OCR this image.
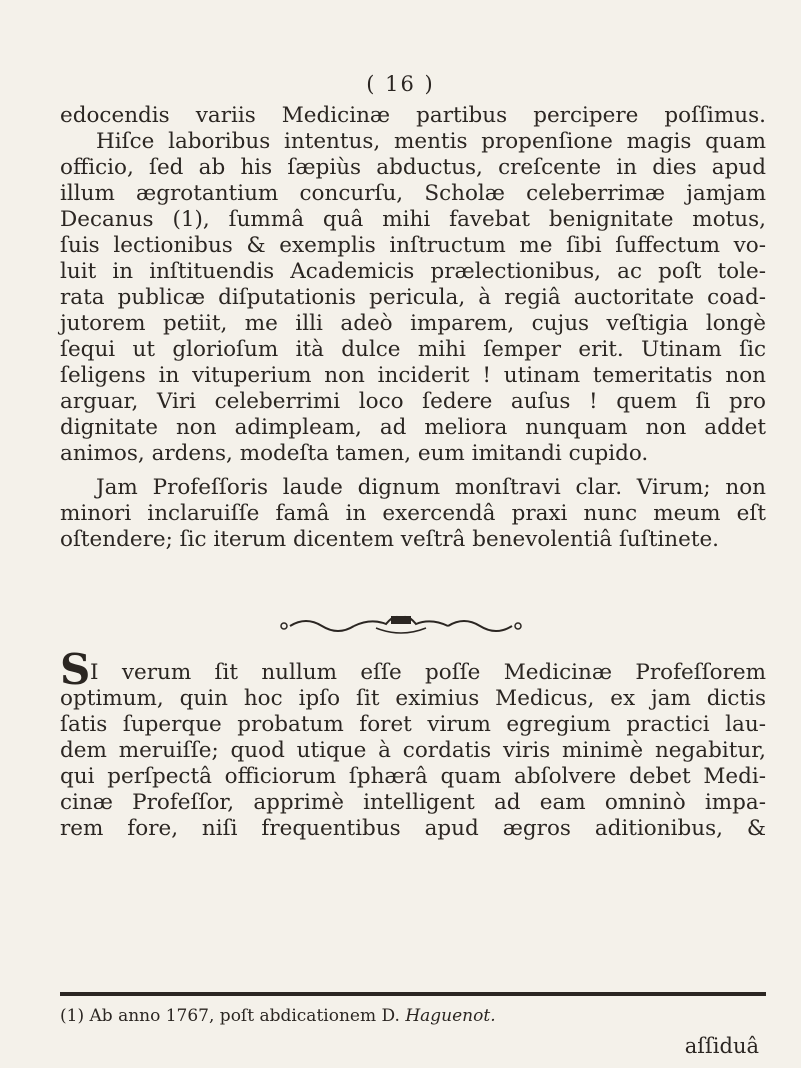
( 16 )
edocendis variis Medicinæ partibus percipere poſſimus.
Hiſce laboribus intentus, mentis propenſione magis quam
officio, ſed ab his ſæpiùs abductus, creſcente in dies apud
illum ægrotantium concurſu, Scholæ celeberrimæ jamjam
Decanus (1), ſummâ quâ mihi favebat benignitate motus,
ſuis lectionibus & exemplis inſtructum me ſibi ſuffectum vo-
luit in inſtituendis Academicis prælectionibus, ac poſt tole-
rata publicæ diſputationis pericula, à regiâ auctoritate coad-
jutorem petiit, me illi adeò imparem, cujus veſtigia longè
ſequi ut glorioſum ità dulce mihi ſemper erit. Utinam ſic
ſeligens in vituperium non inciderit ! utinam temeritatis non
arguar, Viri celeberrimi loco ſedere auſus ! quem ſi pro
dignitate non adimpleam, ad meliora nunquam non addet
animos, ardens, modeſta tamen, eum imitandi cupido.
Jam Profeſſoris laude dignum monſtravi clar. Virum; non
minori inclaruiſſe famâ in exercendâ praxi nunc meum eſt
oſtendere; ſic iterum dicentem veſtrâ benevolentiâ ſuſtinete.
S I verum ſit nullum eſſe poſſe Medicinæ Profeſſorem
optimum, quin hoc ipſo ſit eximius Medicus, ex jam dictis
ſatis ſuperque probatum foret virum egregium practici lau-
dem meruiſſe; quod utique à cordatis viris minimè negabitur,
qui perſpectâ officiorum ſphærâ quam abſolvere debet Medi-
cinæ Profeſſor, apprimè intelligent ad eam omninò impa-
rem fore, niſi frequentibus apud ægros aditionibus, &
(1) Ab anno 1767, poſt abdicationem D. Haguenot.
aſſiduâ
